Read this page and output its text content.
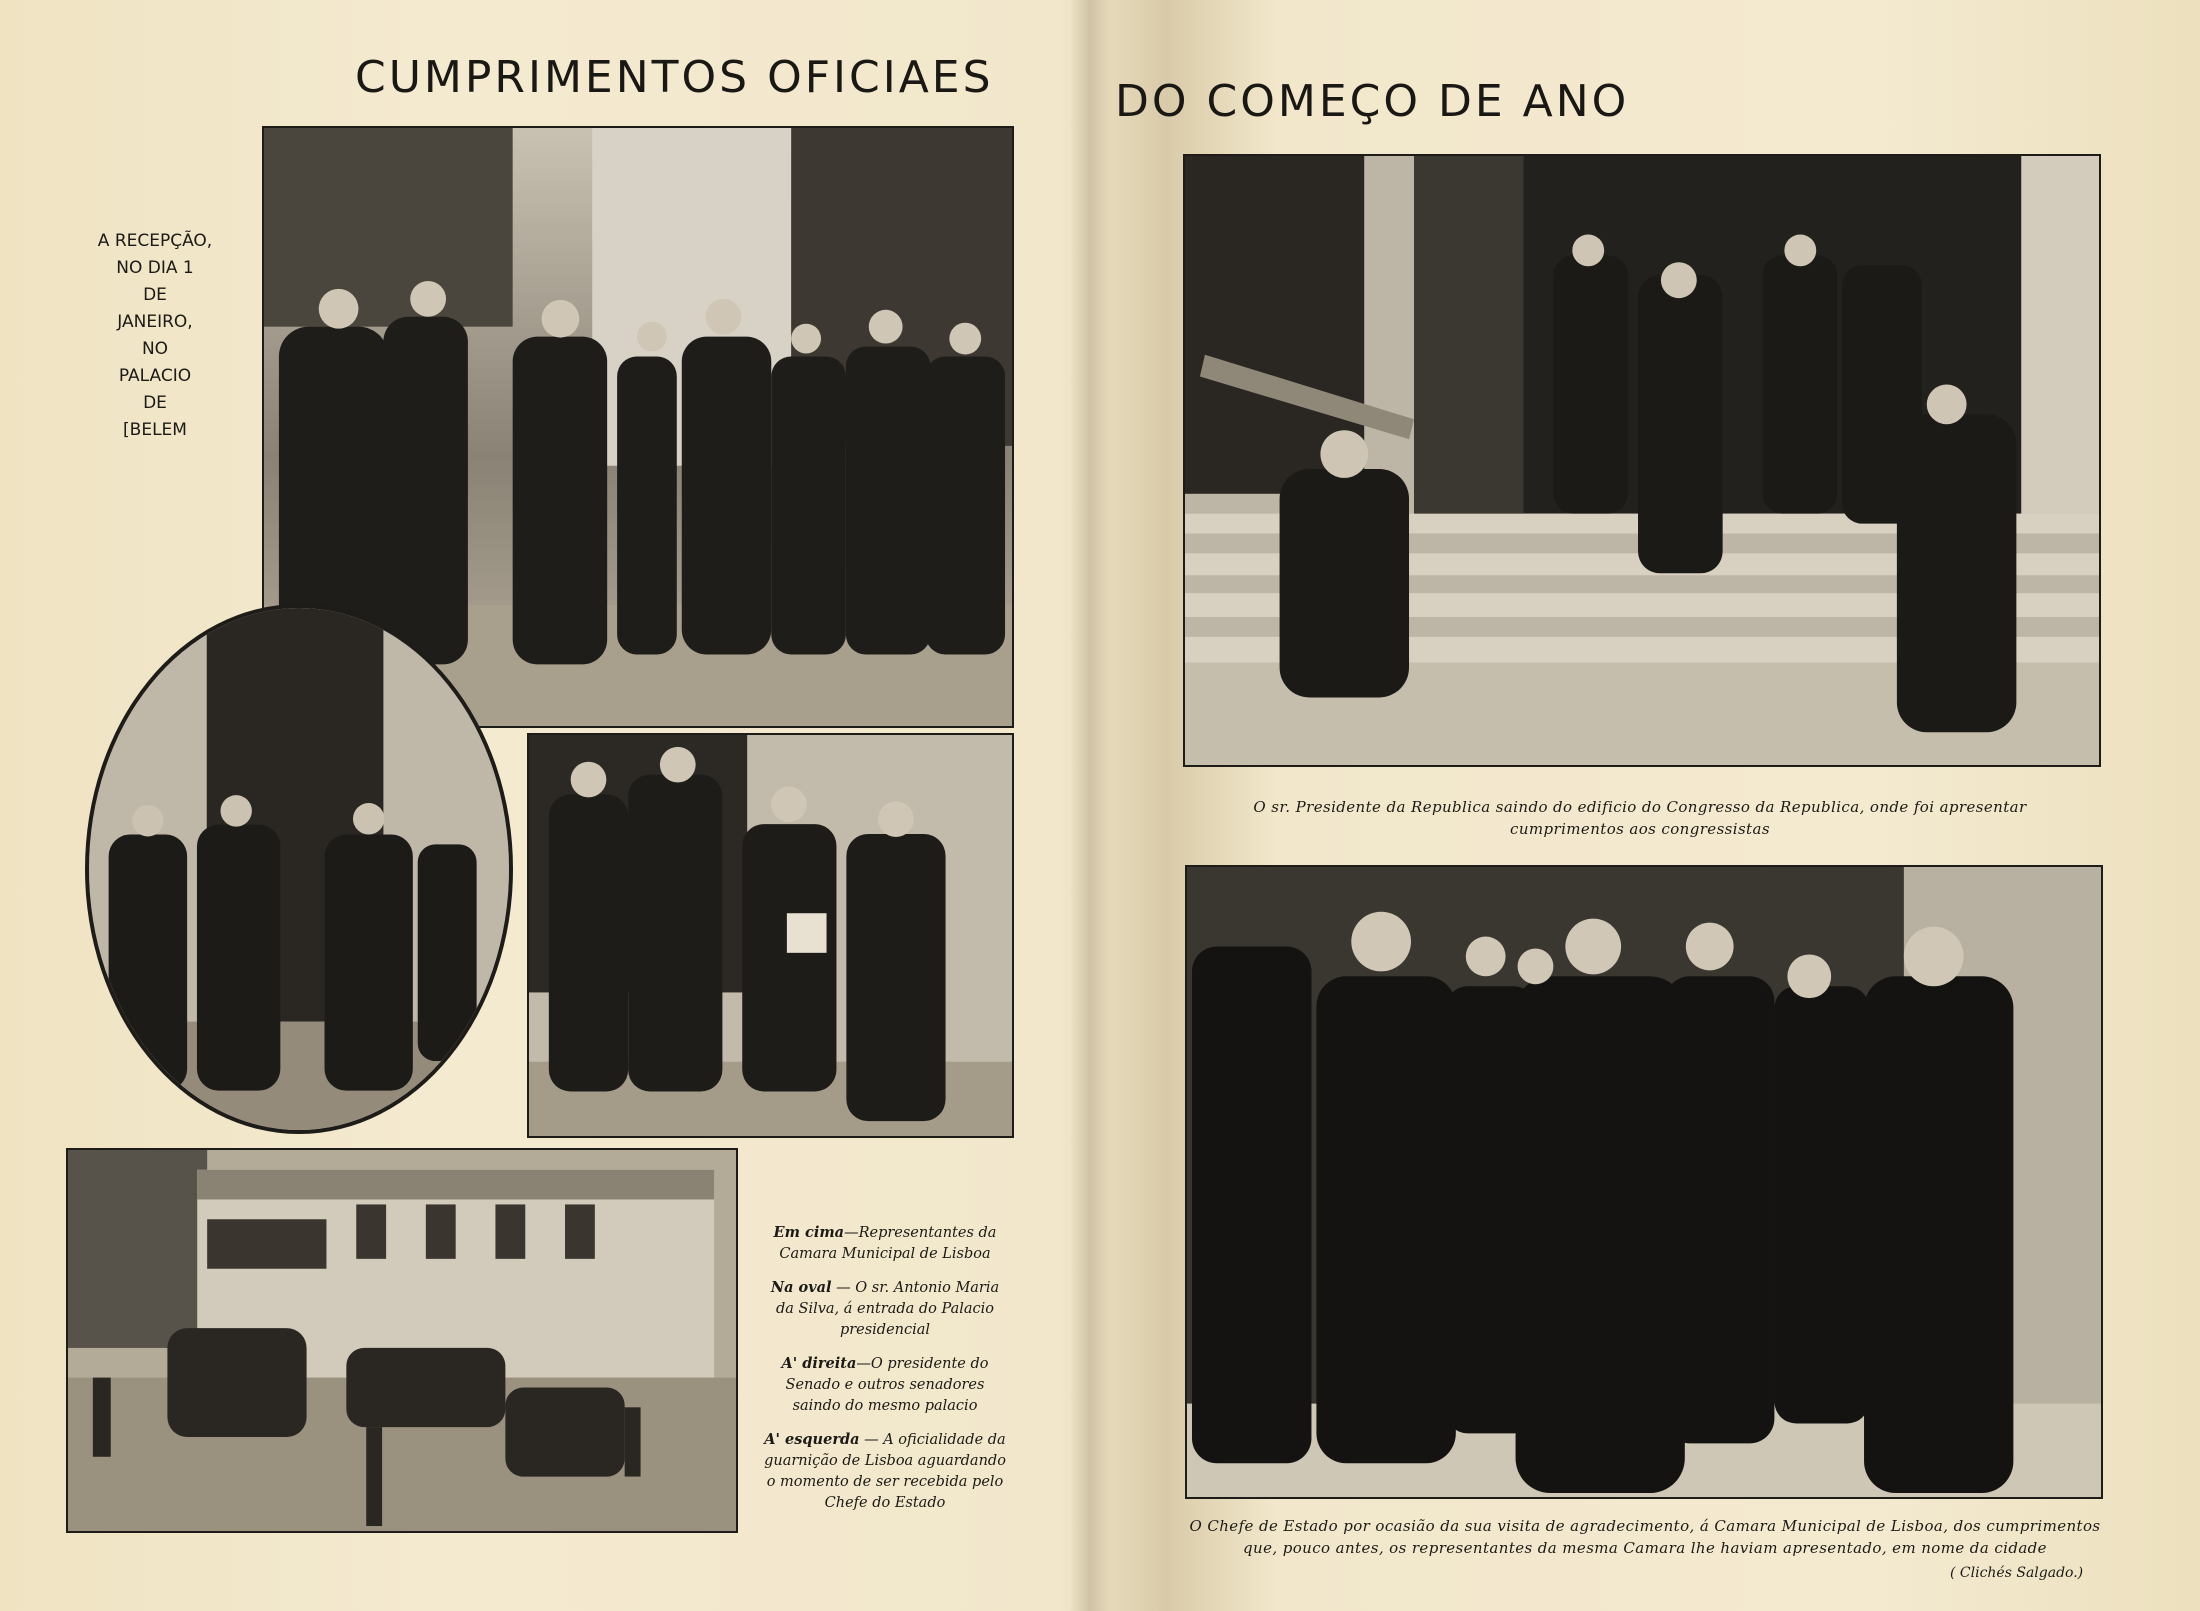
CUMPRIMENTOS OFICIAES	DO COMEÇO DE ANO
A RECEPÇÃO,
NO DIA 1
DE
JANEIRO,
NO
PALACIO
DE
[BELEM

Em cima—Representantes da Camara Municipal de Lisboa

Na oval — O sr. Antonio Maria da Silva, á entrada do Palacio presidencial

A' direita—O presidente do Senado e outros senadores saindo do mesmo palacio

A' esquerda — A oficialidade da guarnição de Lisboa aguardando o momento de ser recebida pelo Chefe do Estado

O sr. Presidente da Republica saindo do edificio do Congresso da Republica, onde foi apresentar cumprimentos aos congressistas
O Chefe de Estado por ocasião da sua visita de agradecimento, á Camara Municipal de Lisboa, dos cumprimentos que, pouco antes, os representantes da mesma Camara lhe haviam apresentado, em nome da cidade
( Clichés Salgado.)
